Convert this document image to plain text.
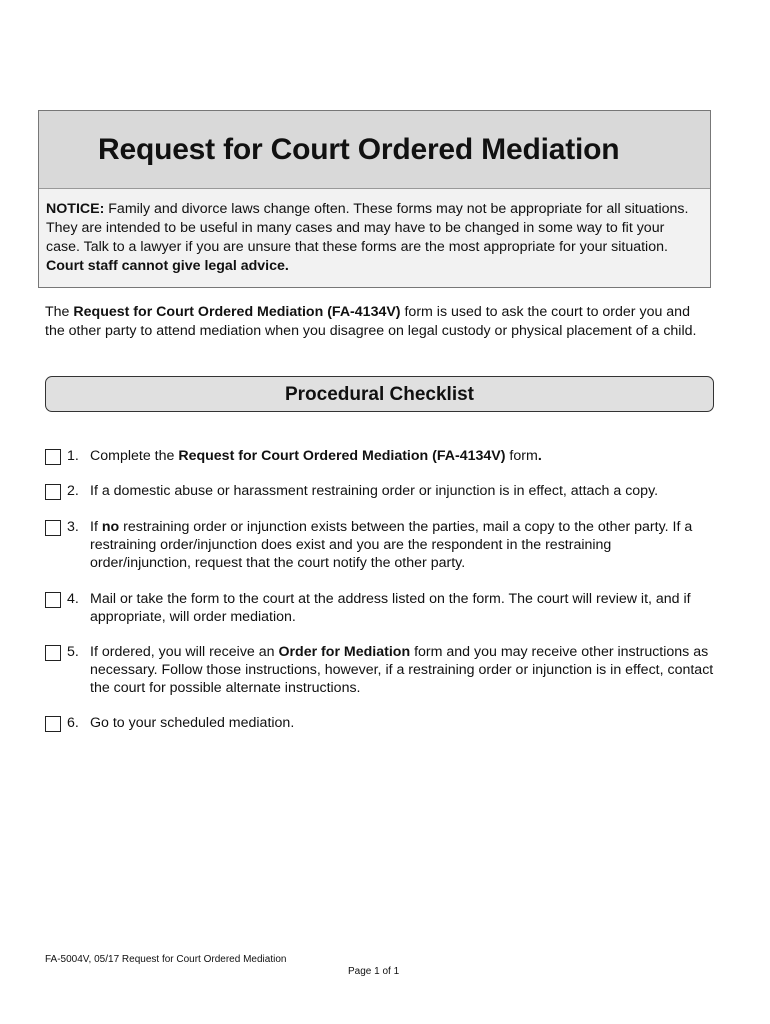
Request for Court Ordered Mediation
NOTICE: Family and divorce laws change often. These forms may not be appropriate for all situations. They are intended to be useful in many cases and may have to be changed in some way to fit your case. Talk to a lawyer if you are unsure that these forms are the most appropriate for your situation. Court staff cannot give legal advice.
The Request for Court Ordered Mediation (FA-4134V) form is used to ask the court to order you and the other party to attend mediation when you disagree on legal custody or physical placement of a child.
Procedural Checklist
1. Complete the Request for Court Ordered Mediation (FA-4134V) form.
2. If a domestic abuse or harassment restraining order or injunction is in effect, attach a copy.
3. If no restraining order or injunction exists between the parties, mail a copy to the other party. If a restraining order/injunction does exist and you are the respondent in the restraining order/injunction, request that the court notify the other party.
4. Mail or take the form to the court at the address listed on the form. The court will review it, and if appropriate, will order mediation.
5. If ordered, you will receive an Order for Mediation form and you may receive other instructions as necessary. Follow those instructions, however, if a restraining order or injunction is in effect, contact the court for possible alternate instructions.
6. Go to your scheduled mediation.
FA-5004V, 05/17 Request for Court Ordered Mediation
Page 1 of 1
